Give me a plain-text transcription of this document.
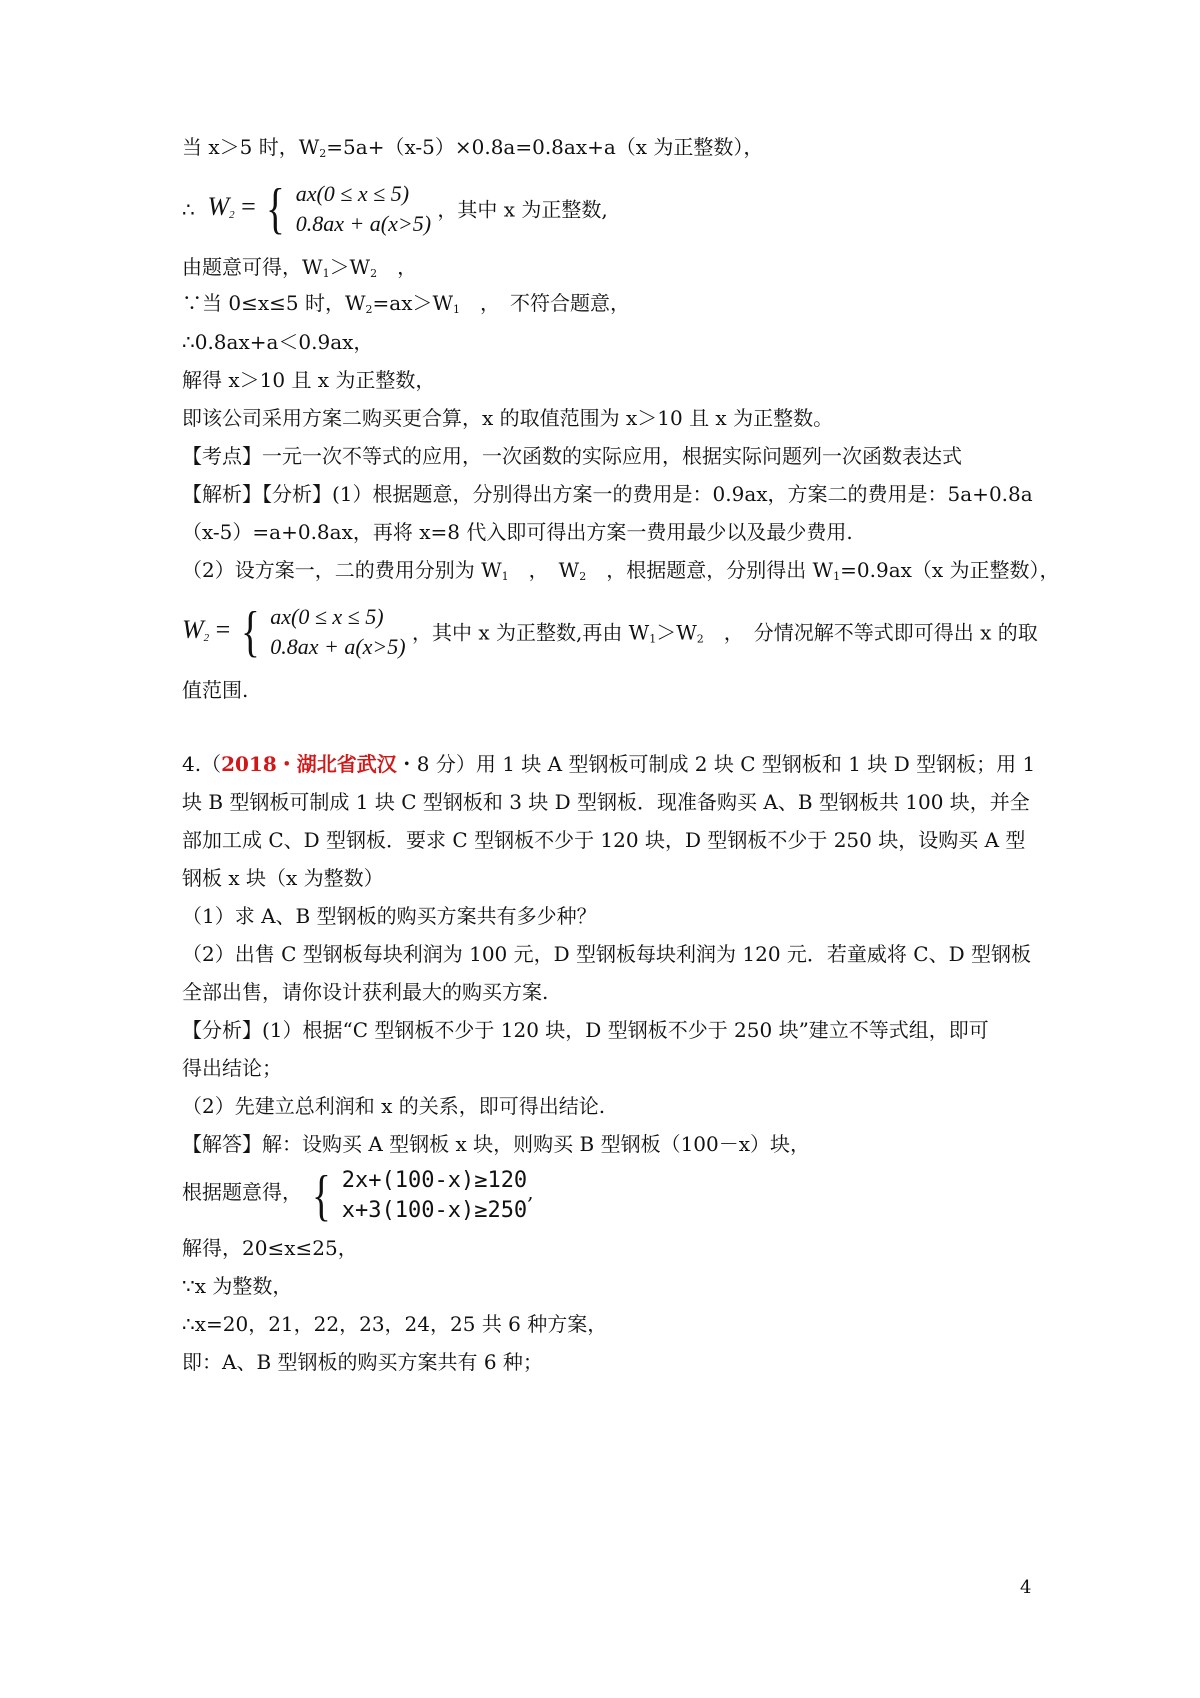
当 x＞5 时，$W_2=5a+(x-5)\times 0.8a=0.8ax+a(x$ 为正整数），
∴ $W_2$ = { ax(0 ≤ x ≤ 5)
0.8ax + a(x>5)
，其中 x 为正整数,
由题意可得，$W_1>W_2$　，
∵当 0≤x≤5 时，$W_2=ax>W_1$　，　不符合题意，
∴0.8ax+a＜0.9ax，
解得 x＞10 且 x 为正整数，
即该公司采用方案二购买更合算，x 的取值范围为 x＞10 且 x 为正整数。
【考点】一元一次不等式的应用，一次函数的实际应用，根据实际问题列一次函数表达式
【解析】【分析】(1）根据题意，分别得出方案一的费用是：0.9ax，方案二的费用是：5a+0.8a
（x-5）=a+0.8ax，再将 x=8 代入即可得出方案一费用最少以及最少费用.
（2）设方案一，二的费用分别为 $W_1$　，　$W_2$　，根据题意，分别得出 $W_1=0.9ax(x$ 为正整数），
$W_2$ = { ax(0 ≤ x ≤ 5)
0.8ax + a(x>5)
，其中 x 为正整数,再由 $W_1>W_2$　，　分情况解不等式即可得出 x 的取
值范围.
4.（2018・湖北省武汉・8 分）用 1 块 A 型钢板可制成 2 块 C 型钢板和 1 块 D 型钢板；用 1
块 B 型钢板可制成 1 块 C 型钢板和 3 块 D 型钢板．现准备购买 A、B 型钢板共 100 块，并全
部加工成 C、D 型钢板．要求 C 型钢板不少于 120 块，D 型钢板不少于 250 块，设购买 A 型
钢板 x 块（x 为整数）
（1）求 A、B 型钢板的购买方案共有多少种？
（2）出售 C 型钢板每块利润为 100 元，D 型钢板每块利润为 120 元．若童威将 C、D 型钢板
全部出售，请你设计获利最大的购买方案.
【分析】(1）根据“C 型钢板不少于 120 块，D 型钢板不少于 250 块”建立不等式组，即可
得出结论；
（2）先建立总利润和 x 的关系，即可得出结论.
【解答】解：设购买 A 型钢板 x 块，则购买 B 型钢板（100－x）块，
根据题意得， { 2x+(100-x)≥120
x+3(100-x)≥250
,
解得，20≤x≤25，
∵x 为整数，
∴x=20，21，22，23，24，25 共 6 种方案，
即：A、B 型钢板的购买方案共有 6 种；
4
